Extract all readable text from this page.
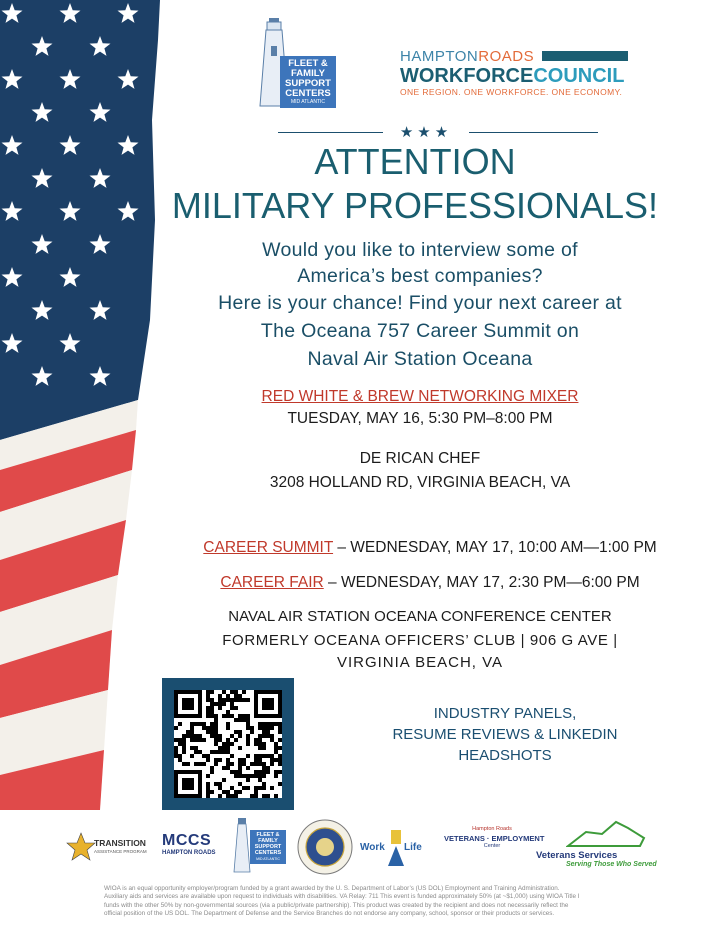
FLEET &
FAMILY
SUPPORT
CENTERS
MID ATLANTIC
HAMPTONROADS
WORKFORCECOUNCIL
ONE REGION. ONE WORKFORCE. ONE ECONOMY.
★★★
ATTENTION
MILITARY PROFESSIONALS!
Would you like to interview some of
America’s best companies?
Here is your chance! Find your next career at
The Oceana 757 Career Summit on
Naval Air Station Oceana
RED WHITE & BREW NETWORKING MIXER
TUESDAY, MAY 16, 5:30 PM–8:00 PM
DE RICAN CHEF
3208 HOLLAND RD, VIRGINIA BEACH, VA
CAREER SUMMIT – WEDNESDAY, MAY 17, 10:00 AM—1:00 PM
CAREER FAIR – WEDNESDAY, MAY 17, 2:30 PM—6:00 PM
NAVAL AIR STATION OCEANA CONFERENCE CENTER
FORMERLY OCEANA OFFICERS’ CLUB | 906 G AVE |
VIRGINIA BEACH, VA
INDUSTRY PANELS,
RESUME REVIEWS & LINKEDIN
HEADSHOTS
TRANSITION
ASSISTANCE PROGRAM
MCCS
HAMPTON ROADS
FLEET &
FAMILY
SUPPORT
CENTERS
MID ATLANTIC
Work Life
Hampton Roads
VETERANS · EMPLOYMENT
Center
Veterans Services
Serving Those Who Served
WIOA is an equal opportunity employer/program funded by a grant awarded by the U. S. Department of Labor’s (US DOL) Employment and Training Administration. Auxiliary aids and services are available upon request to individuals with disabilities. VA Relay: 711 This event is funded approximately 50% (at ~$1,000) using WIOA Title I funds with the other 50% by non-governmental sources (via a public/private partnership). This product was created by the recipient and does not necessarily reflect the official position of the US DOL. The Department of Defense and the Service Branches do not endorse any company, school, sponsor or their products or services.
